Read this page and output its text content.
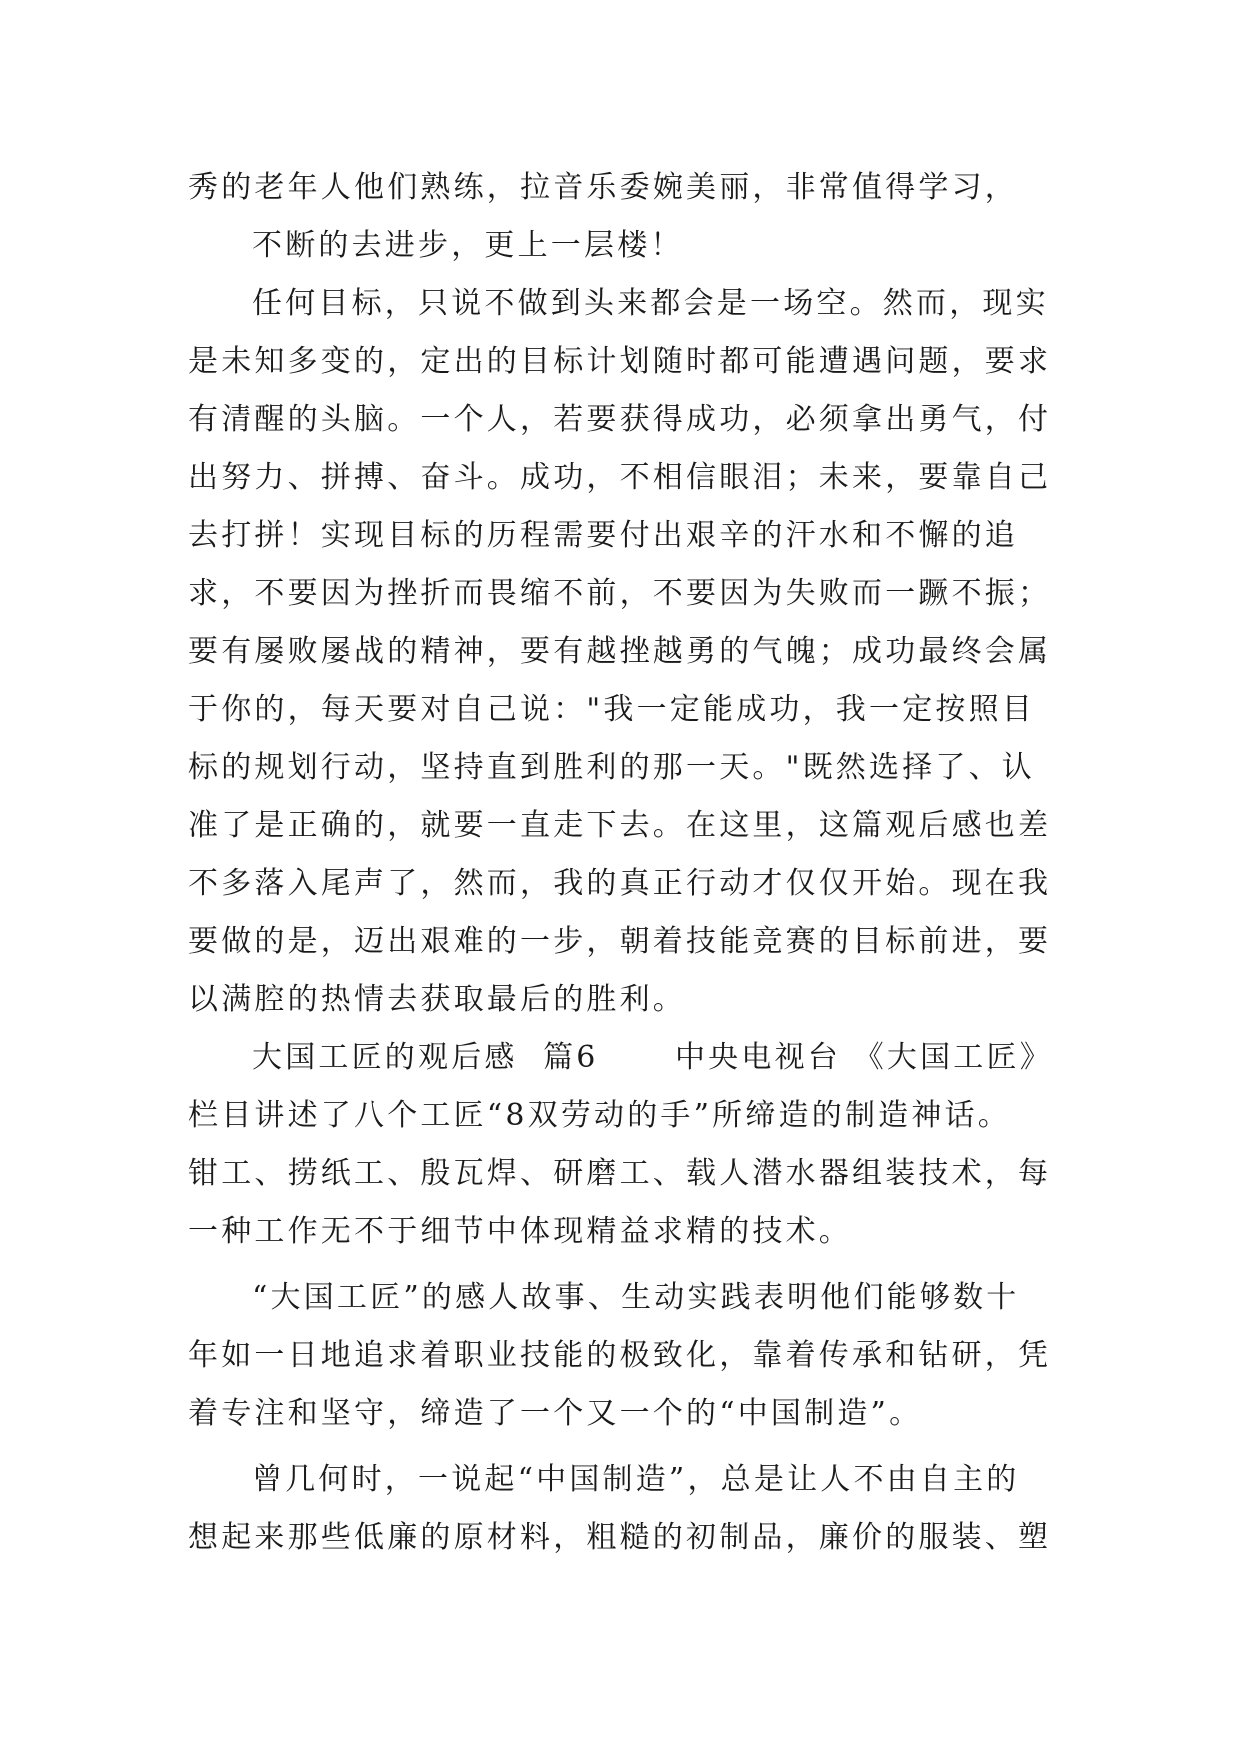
秀的老年人他们熟练，拉音乐委婉美丽，非常值得学习，
不断的去进步，更上一层楼！
任何目标，只说不做到头来都会是一场空。然而，现实
是未知多变的，定出的目标计划随时都可能遭遇问题，要求
有清醒的头脑。一个人，若要获得成功，必须拿出勇气，付
出努力、拼搏、奋斗。成功，不相信眼泪；未来，要靠自己
去打拼！实现目标的历程需要付出艰辛的汗水和不懈的追
求，不要因为挫折而畏缩不前，不要因为失败而一蹶不振；
要有屡败屡战的精神，要有越挫越勇的气魄；成功最终会属
于你的，每天要对自己说："我一定能成功，我一定按照目
标的规划行动，坚持直到胜利的那一天。"既然选择了、认
准了是正确的，就要一直走下去。在这里，这篇观后感也差
不多落入尾声了，然而，我的真正行动才仅仅开始。现在我
要做的是，迈出艰难的一步，朝着技能竞赛的目标前进，要
以满腔的热情去获取最后的胜利。
大国工匠的观后感  篇6      中央电视台 《大国工匠》
栏目讲述了八个工匠“8双劳动的手”所缔造的制造神话。
钳工、捞纸工、殷瓦焊、研磨工、载人潜水器组装技术，每
一种工作无不于细节中体现精益求精的技术。
“大国工匠”的感人故事、生动实践表明他们能够数十
年如一日地追求着职业技能的极致化，靠着传承和钻研，凭
着专注和坚守，缔造了一个又一个的“中国制造”。
曾几何时，一说起“中国制造”，总是让人不由自主的
想起来那些低廉的原材料，粗糙的初制品，廉价的服装、塑
